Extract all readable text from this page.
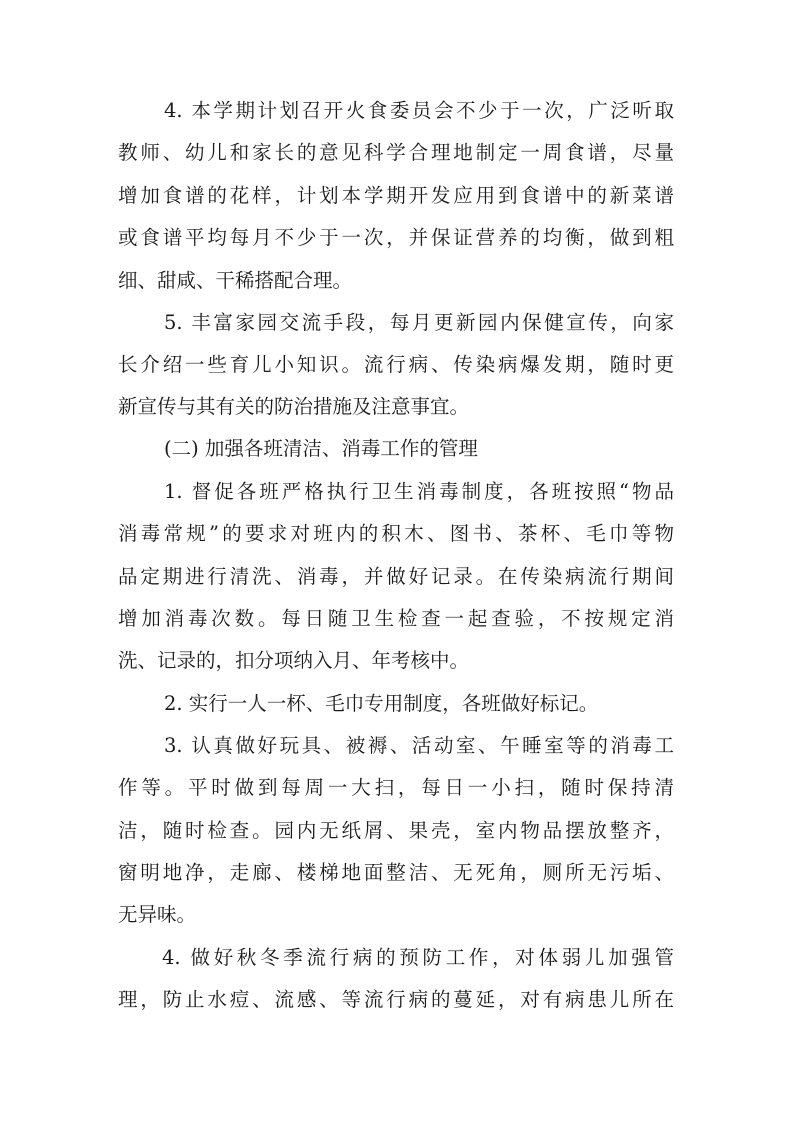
4. 本学期计划召开火食委员会不少于一次，广泛听取

教师、幼儿和家长的意见科学合理地制定一周食谱，尽量

增加食谱的花样，计划本学期开发应用到食谱中的新菜谱

或食谱平均每月不少于一次，并保证营养的均衡，做到粗

细、甜咸、干稀搭配合理。

5. 丰富家园交流手段，每月更新园内保健宣传，向家

长介绍一些育儿小知识。流行病、传染病爆发期，随时更

新宣传与其有关的防治措施及注意事宜。

(二) 加强各班清洁、消毒工作的管理

1. 督促各班严格执行卫生消毒制度，各班按照“物品

消毒常规”的要求对班内的积木、图书、茶杯、毛巾等物

品定期进行清洗、消毒，并做好记录。在传染病流行期间

增加消毒次数。每日随卫生检查一起查验，不按规定消

洗、记录的，扣分项纳入月、年考核中。

2. 实行一人一杯、毛巾专用制度，各班做好标记。

3. 认真做好玩具、被褥、活动室、午睡室等的消毒工

作等。平时做到每周一大扫，每日一小扫，随时保持清

洁，随时检查。园内无纸屑、果壳，室内物品摆放整齐，

窗明地净，走廊、楼梯地面整洁、无死角，厕所无污垢、

无异味。

4. 做好秋冬季流行病的预防工作，对体弱儿加强管

理，防止水痘、流感、等流行病的蔓延，对有病患儿所在
